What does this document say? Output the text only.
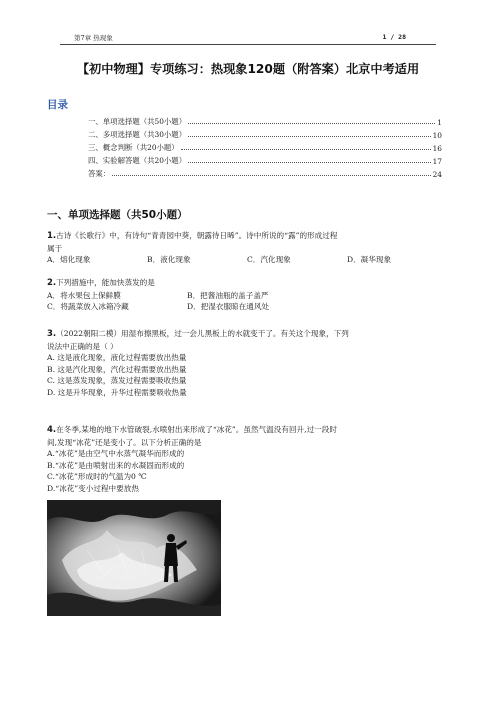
第7章 热现象	1 / 28
【初中物理】专项练习：热现象120题（附答案）北京中考适用
目录
一、单项选择题（共50小题）	1
二、多项选择题（共30小题）	10
三、概念判断（共20小题）	16
四、实验解答题（共20小题）	17
答案：	24
一、单项选择题（共50小题）
1.古诗《长歌行》中，有诗句“青青园中葵，朝露待日晞”。诗中所说的“露”的形成过程
属于
A．熔化现象	B．液化现象	C．汽化现象	D．凝华现象
2.下列措施中，能加快蒸发的是
A．将水果包上保鲜膜	B．把酱油瓶的盖子盖严
C．将蔬菜放入冰箱冷藏	D．把湿衣服晾在通风处
3.（2022朝阳二模）用湿布擦黑板，过一会儿黑板上的水就变干了。有关这个现象，下列
说法中正确的是（ ）
A. 这是液化现象，液化过程需要放出热量
B. 这是汽化现象，汽化过程需要放出热量
C. 这是蒸发现象，蒸发过程需要吸收热量
D. 这是升华现象，升华过程需要吸收热量
4.在冬季,某地的地下水管破裂,水喷射出来形成了“冰花”。虽然气温没有回升,过一段时
间,发现“冰花”还是变小了。以下分析正确的是
A.“冰花”是由空气中水蒸气凝华而形成的
B.“冰花”是由喷射出来的水凝固而形成的
C.“冰花”形成时的气温为0 ℃
D.“冰花”变小过程中要放热
